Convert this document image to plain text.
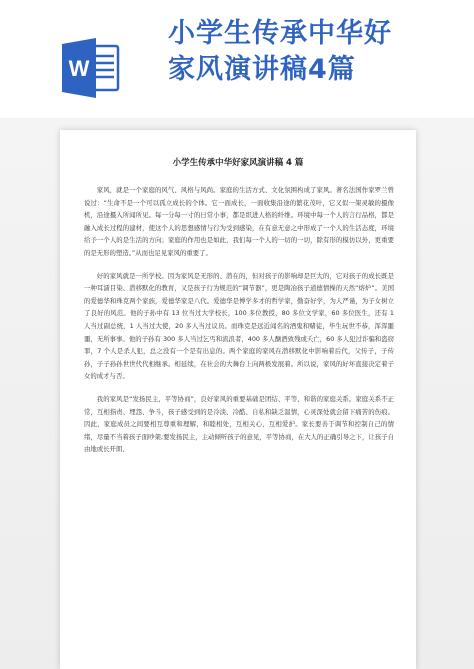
W
小学生传承中华好
家风演讲稿4篇
小学生传承中华好家风演讲稿 4 篇

家风，就是一个家庭的风气、风格与风尚。家庭的生活方式、文化氛围构成了家风。著名法国作家罗兰曾说过：“生命不是一个可以孤立成长的个体。它一面成长，一面收集沿途的繁花茂叶，它又似一架灵敏的摄像机，沿途摄入所闻所见。每一分每一寸的日常小事，都是织进人格的纤维。环境中每一个人的言行品格，都是融入成长过程的建材，使这个人的思想感情与行为受到感染，在有意无意之中形成了一个人的生活态度，环境给予一个人的是生活的方向；家庭的作用也是如此，我们每一个人的一切的一切，除有形的模仿以外，更重要的是无形的塑造。”从而也足见家风的重要了。

好的家风就是一所学校。因为家风是无形的、潜在的，但对孩子的影响却是巨大的，它对孩子的成长既是一种耳濡目染、潜移默化的教育，又是孩子行为规范的“调节器”，更是陶冶孩子道德情操的天然“熔炉”。美国的爱德华和珠克两个家族，爱德华家是八代。爱德华是博学多才的哲学家，勤奋好学，为人严谨，为子女树立了良好的风范。他的子孙中有 13 位当过大学校长，100 多位教授，80 多位文学家，60 多位医生，还有 1 人当过副总统，1 人当过大使，20 多人当过议员。而珠克是远近闻名的酒鬼和赌徒，毕生玩世不恭，浑浑噩噩，无所事事。他的子孙有 300 多人当过乞丐和流浪者，400 多人酗酒致残或夭亡，60 多人犯过诈骗和盗窃罪，7 个人是杀人犯，总之没有一个是有出息的。两个家庭的家风在潜移默化中影响着后代，父传子，子传孙，子子孙孙世世代代相继承。相延续，在社会的大舞台上向两极发展着。所以说，家风的好坏直接决定着子女的成才与否。

我的家风是“发扬民主，平等协商”，良好家风的重要基础是团结、平等、和谐的家庭关系。家庭关系不正常，互相指责、埋怨、争斗，孩子感受到的是冷淡、冷酷、自私和缺乏温情，心灵深处就会留下痛苦的伤痕。因此，家庭成员之间要相互尊重和理解，和睦相处，互相关心，互相爱护。家长要善于调节和控制自己的情绪，尽量不当着孩子面吵架;要发扬民主，主动倾听孩子的意见，平等协商，在大人的正确引导之下，让孩子自由地或长开朗、
